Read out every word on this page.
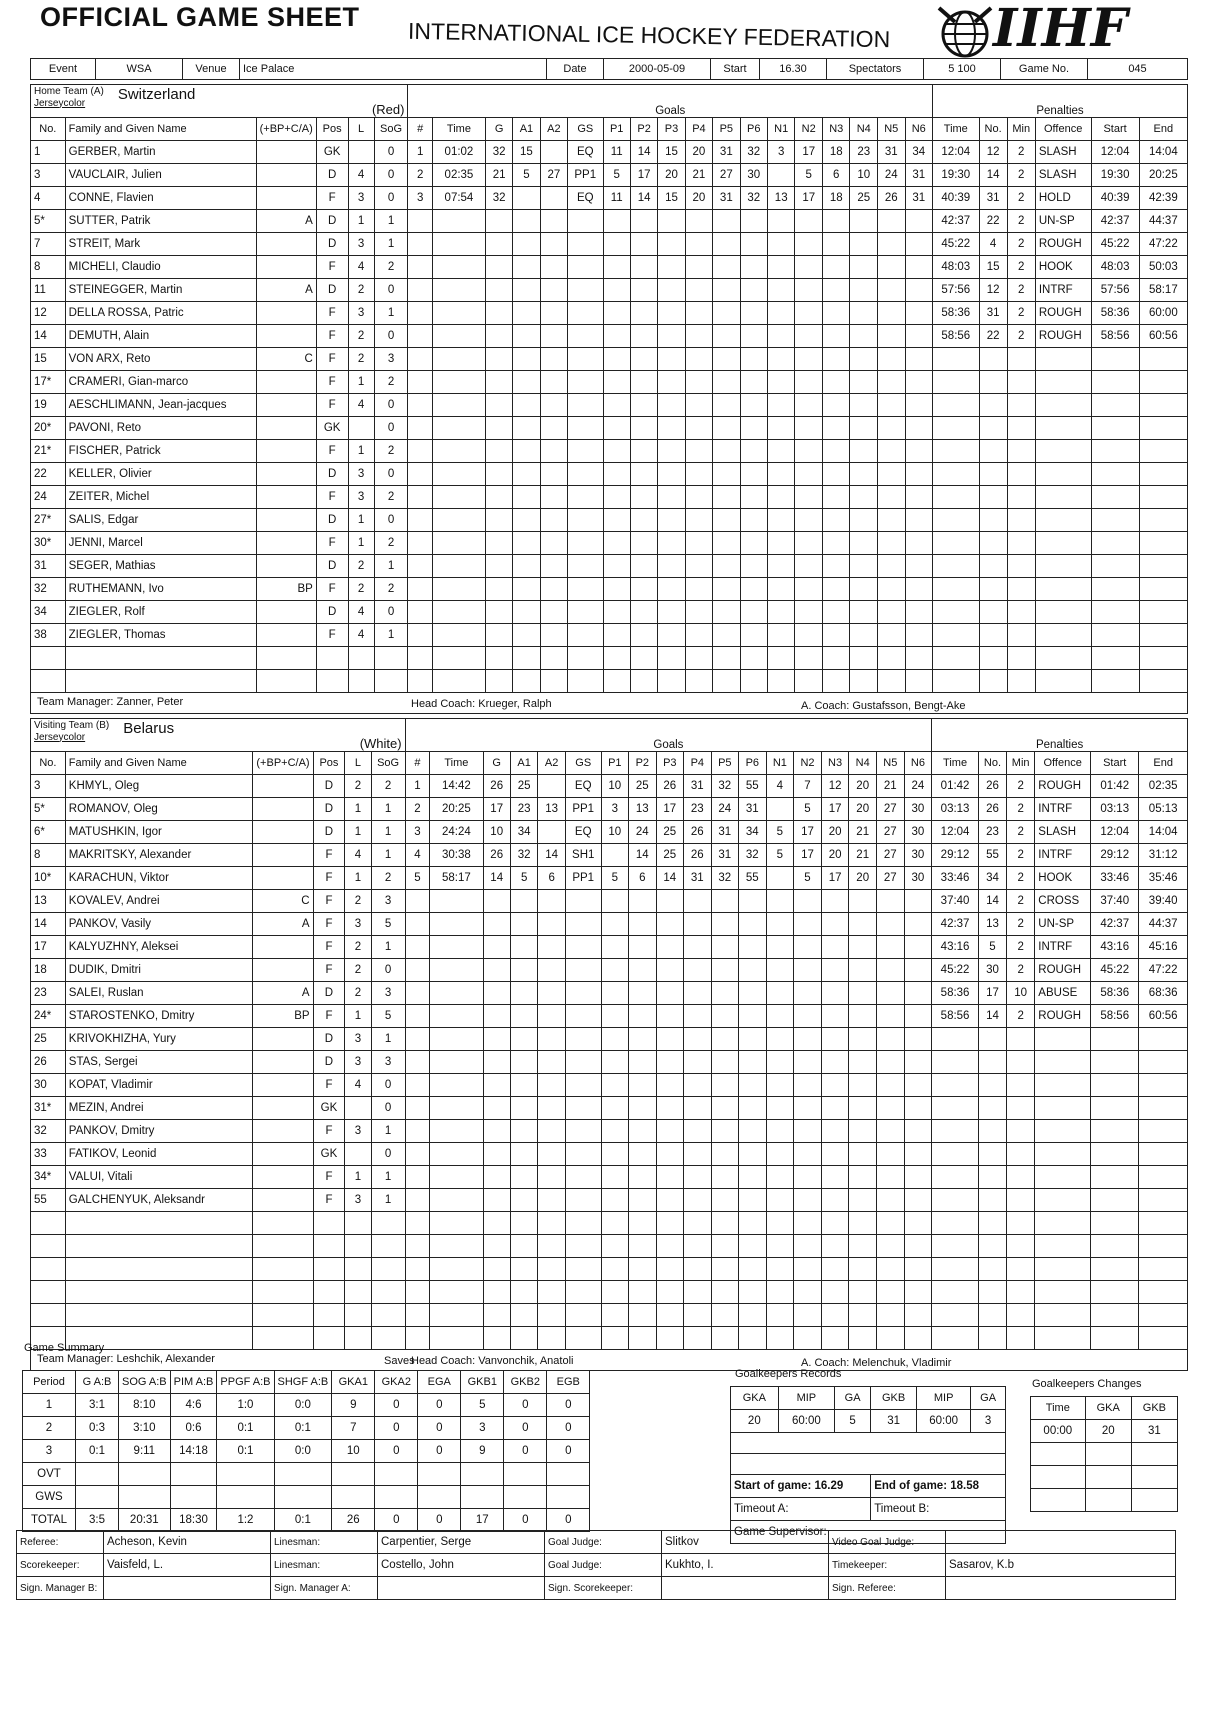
OFFICIAL GAME SHEET
INTERNATIONAL ICE HOCKEY FEDERATION IIHF
Event	WSA	Venue	Ice Palace	Date	2000-05-09	Start	16.30	Spectators	5 100	Game No.	045
Home Team (A)
Jerseycolor
Switzerland
(Red)						Goals																		Penalties					
No.	Family and Given Name	(+BP+C/A)	Pos	L	SoG	#	Time	G	A1	A2	GS	P1	P2	P3	P4	P5	P6	N1	N2	N3	N4	N5	N6	Time	No.	Min	Offence	Start	End
1	GERBER, Martin		GK		0	1	01:02	32	15		EQ	11	14	15	20	31	32	3	17	18	23	31	34	12:04	12	2	SLASH	12:04	14:04
3	VAUCLAIR, Julien		D	4	0	2	02:35	21	5	27	PP1	5	17	20	21	27	30		5	6	10	24	31	19:30	14	2	SLASH	19:30	20:25
4	CONNE, Flavien		F	3	0	3	07:54	32			EQ	11	14	15	20	31	32	13	17	18	25	26	31	40:39	31	2	HOLD	40:39	42:39
5*	SUTTER, Patrik	A	D	1	1																			42:37	22	2	UN-SP	42:37	44:37
7	STREIT, Mark		D	3	1																			45:22	4	2	ROUGH	45:22	47:22
8	MICHELI, Claudio		F	4	2																			48:03	15	2	HOOK	48:03	50:03
11	STEINEGGER, Martin	A	D	2	0																			57:56	12	2	INTRF	57:56	58:17
12	DELLA ROSSA, Patric		F	3	1																			58:36	31	2	ROUGH	58:36	60:00
14	DEMUTH, Alain		F	2	0																			58:56	22	2	ROUGH	58:56	60:56
15	VON ARX, Reto	C	F	2	3																								
17*	CRAMERI, Gian-marco		F	1	2																								
19	AESCHLIMANN, Jean-jacques		F	4	0																								
20*	PAVONI, Reto		GK		0																								
21*	FISCHER, Patrick		F	1	2																								
22	KELLER, Olivier		D	3	0																								
24	ZEITER, Michel		F	3	2																								
27*	SALIS, Edgar		D	1	0																								
30*	JENNI, Marcel		F	1	2																								
31	SEGER, Mathias		D	2	1																								
32	RUTHEMANN, Ivo	BP	F	2	2																								
34	ZIEGLER, Rolf		D	4	0																								
38	ZIEGLER, Thomas		F	4	1																								

Team Manager: Zanner, Peter	Head Coach: Krueger, Ralph	A. Coach: Gustafsson, Bengt-Ake
Visiting Team (B)
Jerseycolor
Belarus
(White)						Goals																		Penalties					
No.	Family and Given Name	(+BP+C/A)	Pos	L	SoG	#	Time	G	A1	A2	GS	P1	P2	P3	P4	P5	P6	N1	N2	N3	N4	N5	N6	Time	No.	Min	Offence	Start	End
3	KHMYL, Oleg		D	2	2	1	14:42	26	25		EQ	10	25	26	31	32	55	4	7	12	20	21	24	01:42	26	2	ROUGH	01:42	02:35
5*	ROMANOV, Oleg		D	1	1	2	20:25	17	23	13	PP1	3	13	17	23	24	31		5	17	20	27	30	03:13	26	2	INTRF	03:13	05:13
6*	MATUSHKIN, Igor		D	1	1	3	24:24	10	34		EQ	10	24	25	26	31	34	5	17	20	21	27	30	12:04	23	2	SLASH	12:04	14:04
8	MAKRITSKY, Alexander		F	4	1	4	30:38	26	32	14	SH1		14	25	26	31	32	5	17	20	21	27	30	29:12	55	2	INTRF	29:12	31:12
10*	KARACHUN, Viktor		F	1	2	5	58:17	14	5	6	PP1	5	6	14	31	32	55		5	17	20	27	30	33:46	34	2	HOOK	33:46	35:46
13	KOVALEV, Andrei	C	F	2	3																			37:40	14	2	CROSS	37:40	39:40
14	PANKOV, Vasily	A	F	3	5																			42:37	13	2	UN-SP	42:37	44:37
17	KALYUZHNY, Aleksei		F	2	1																			43:16	5	2	INTRF	43:16	45:16
18	DUDIK, Dmitri		F	2	0																			45:22	30	2	ROUGH	45:22	47:22
23	SALEI, Ruslan	A	D	2	3																			58:36	17	10	ABUSE	58:36	68:36
24*	STAROSTENKO, Dmitry	BP	F	1	5																			58:56	14	2	ROUGH	58:56	60:56
25	KRIVOKHIZHA, Yury		D	3	1																								
26	STAS, Sergei		D	3	3																								
30	KOPAT, Vladimir		F	4	0																								
31*	MEZIN, Andrei		GK		0																								
32	PANKOV, Dmitry		F	3	1																								
33	FATIKOV, Leonid		GK		0																								
34*	VALUI, Vitali		F	1	1																								
55	GALCHENYUK, Aleksandr		F	3	1																								

Team Manager: Leshchik, Alexander	Head Coach: Vanvonchik, Anatoli	A. Coach: Melenchuk, Vladimir
Game Summary
Saves
Period	G A:B	SOG A:B	PIM A:B	PPGF A:B	SHGF A:B	GKA1	GKA2	EGA	GKB1	GKB2	EGB
1	3:1	8:10	4:6	1:0	0:0	9	0	0	5	0	0
2	0:3	3:10	0:6	0:1	0:1	7	0	0	3	0	0
3	0:1	9:11	14:18	0:1	0:0	10	0	0	9	0	0
OVT											
GWS											
TOTAL	3:5	20:31	18:30	1:2	0:1	26	0	0	17	0	0
Goalkeepers Records
GKA	MIP	GA	GKB	MIP	GA
20	60:00	5	31	60:00	3

Start of game: 16.29			End of game: 18.58		
Timeout A:			Timeout B:		
Game Supervisor:					
Goalkeepers Changes
Time	GKA	GKB
00:00	20	31

Referee:	Acheson, Kevin	Linesman:	Carpentier, Serge	Goal Judge:	Slitkov	Video Goal Judge:	
Scorekeeper:	Vaisfeld, L.	Linesman:	Costello, John	Goal Judge:	Kukhto, I.	Timekeeper:	Sasarov, K.b
Sign. Manager B:		Sign. Manager A:		Sign. Scorekeeper:		Sign. Referee:	
